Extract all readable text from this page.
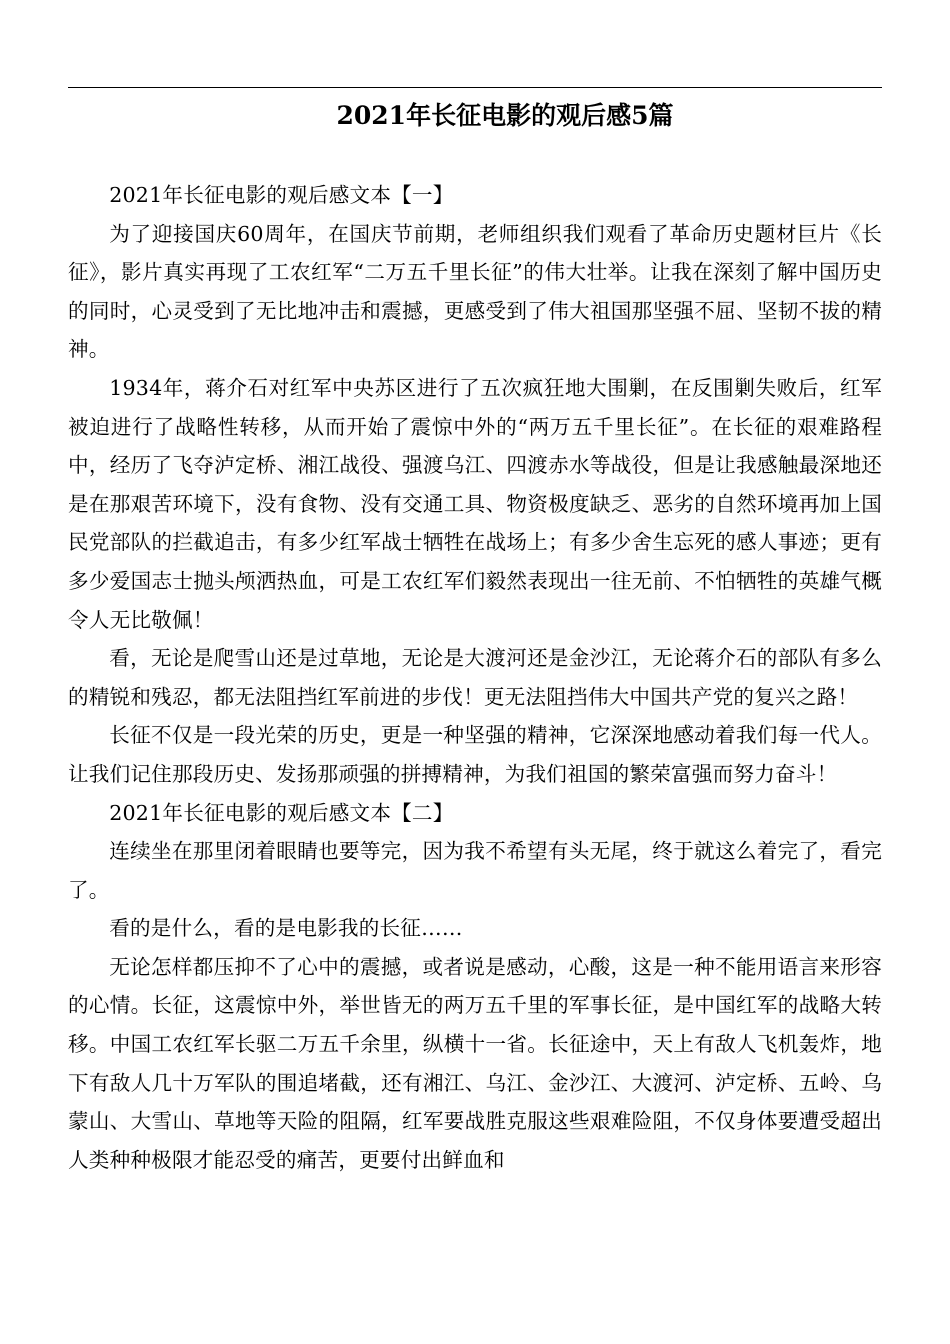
2021年长征电影的观后感5篇

2021年长征电影的观后感文本【一】

为了迎接国庆60周年，在国庆节前期，老师组织我们观看了革命历史题材巨片《长征》，影片真实再现了工农红军“二万五千里长征”的伟大壮举。让我在深刻了解中国历史的同时，心灵受到了无比地冲击和震撼，更感受到了伟大祖国那坚强不屈、坚韧不拔的精神。

1934年，蒋介石对红军中央苏区进行了五次疯狂地大围剿，在反围剿失败后，红军被迫进行了战略性转移，从而开始了震惊中外的“两万五千里长征”。在长征的艰难路程中，经历了飞夺泸定桥、湘江战役、强渡乌江、四渡赤水等战役，但是让我感触最深地还是在那艰苦环境下，没有食物、没有交通工具、物资极度缺乏、恶劣的自然环境再加上国民党部队的拦截追击，有多少红军战士牺牲在战场上；有多少舍生忘死的感人事迹；更有多少爱国志士抛头颅洒热血，可是工农红军们毅然表现出一往无前、不怕牺牲的英雄气概令人无比敬佩！

看，无论是爬雪山还是过草地，无论是大渡河还是金沙江，无论蒋介石的部队有多么的精锐和残忍，都无法阻挡红军前进的步伐！更无法阻挡伟大中国共产党的复兴之路！

长征不仅是一段光荣的历史，更是一种坚强的精神，它深深地感动着我们每一代人。让我们记住那段历史、发扬那顽强的拼搏精神，为我们祖国的繁荣富强而努力奋斗！

2021年长征电影的观后感文本【二】

连续坐在那里闭着眼睛也要等完，因为我不希望有头无尾，终于就这么着完了，看完了。

看的是什么，看的是电影我的长征……

无论怎样都压抑不了心中的震撼，或者说是感动，心酸，这是一种不能用语言来形容的心情。长征，这震惊中外，举世皆无的两万五千里的军事长征，是中国红军的战略大转移。中国工农红军长驱二万五千余里，纵横十一省。长征途中，天上有敌人飞机轰炸，地下有敌人几十万军队的围追堵截，还有湘江、乌江、金沙江、大渡河、泸定桥、五岭、乌蒙山、大雪山、草地等天险的阻隔，红军要战胜克服这些艰难险阻，不仅身体要遭受超出人类种种极限才能忍受的痛苦，更要付出鲜血和
